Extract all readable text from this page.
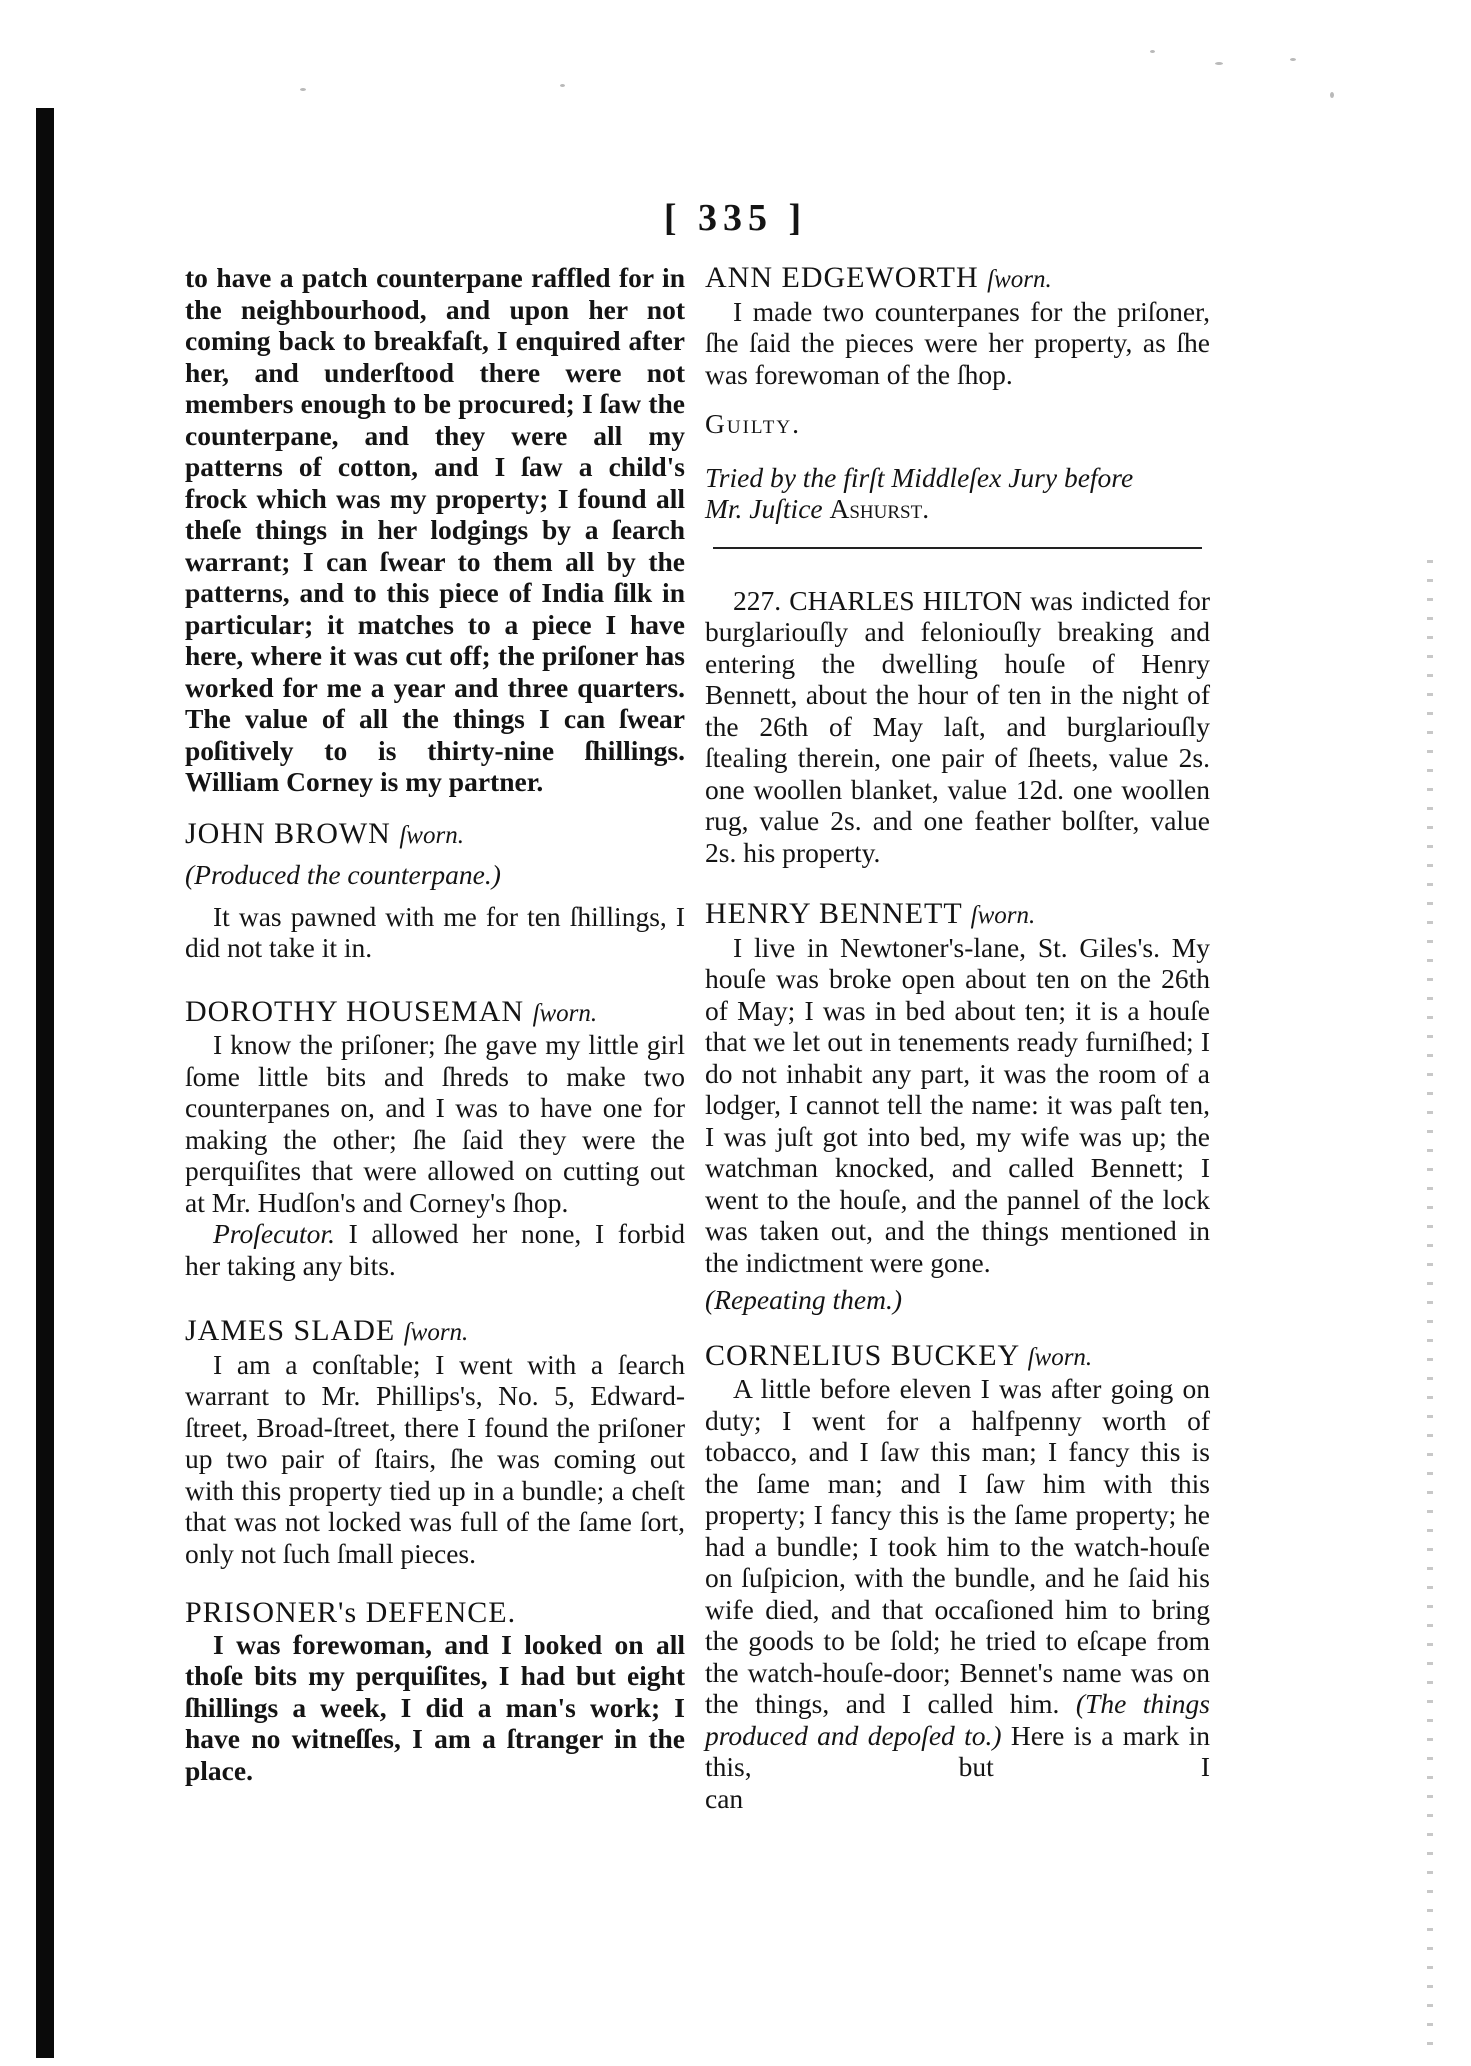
[ 335 ]

to have a patch counterpane raffled for in the neighbourhood, and upon her not coming back to breakfaſt, I enquired after her, and underſtood there were not members enough to be procured; I ſaw the counterpane, and they were all my patterns of cotton, and I ſaw a child's frock which was my property; I found all theſe things in her lodgings by a ſearch warrant; I can ſwear to them all by the patterns, and to this piece of India ſilk in particular; it matches to a piece I have here, where it was cut off; the priſoner has worked for me a year and three quarters. The value of all the things I can ſwear poſitively to is thirty-nine ſhillings. William Corney is my partner.

JOHN BROWN ſworn.

(Produced the counterpane.)

It was pawned with me for ten ſhillings, I did not take it in.

DOROTHY HOUSEMAN ſworn.

I know the priſoner; ſhe gave my little girl ſome little bits and ſhreds to make two counterpanes on, and I was to have one for making the other; ſhe ſaid they were the perquiſites that were allowed on cutting out at Mr. Hudſon's and Corney's ſhop.

Proſecutor. I allowed her none, I forbid her taking any bits.

JAMES SLADE ſworn.

I am a conſtable; I went with a ſearch warrant to Mr. Phillips's, No. 5, Edward-ſtreet, Broad-ſtreet, there I found the priſoner up two pair of ſtairs, ſhe was coming out with this property tied up in a bundle; a cheſt that was not locked was full of the ſame ſort, only not ſuch ſmall pieces.

PRISONER's DEFENCE.

I was forewoman, and I looked on all thoſe bits my perquiſites, I had but eight ſhillings a week, I did a man's work; I have no witneſſes, I am a ſtranger in the place.

ANN EDGEWORTH ſworn.

I made two counterpanes for the priſoner, ſhe ſaid the pieces were her property, as ſhe was forewoman of the ſhop.

Guilty.

Tried by the firſt Middleſex Jury before

Mr. Juſtice Ashurst.

227. CHARLES HILTON was indicted for burglariouſly and feloniouſly breaking and entering the dwelling houſe of Henry Bennett, about the hour of ten in the night of the 26th of May laſt, and burglariouſly ſtealing therein, one pair of ſheets, value 2s. one woollen blanket, value 12d. one woollen rug, value 2s. and one feather bolſter, value 2s. his property.

HENRY BENNETT ſworn.

I live in Newtoner's-lane, St. Giles's. My houſe was broke open about ten on the 26th of May; I was in bed about ten; it is a houſe that we let out in tenements ready furniſhed; I do not inhabit any part, it was the room of a lodger, I cannot tell the name: it was paſt ten, I was juſt got into bed, my wife was up; the watchman knocked, and called Bennett; I went to the houſe, and the pannel of the lock was taken out, and the things mentioned in the indictment were gone.

(Repeating them.)

CORNELIUS BUCKEY ſworn.

A little before eleven I was after going on duty; I went for a halfpenny worth of tobacco, and I ſaw this man; I fancy this is the ſame man; and I ſaw him with this property; I fancy this is the ſame property; he had a bundle; I took him to the watch-houſe on ſuſpicion, with the bundle, and he ſaid his wife died, and that occaſioned him to bring the goods to be ſold; he tried to eſcape from the watch-houſe-door; Bennet's name was on the things, and I called him. (The things produced and depoſed to.) Here is a mark in this, but I

can
